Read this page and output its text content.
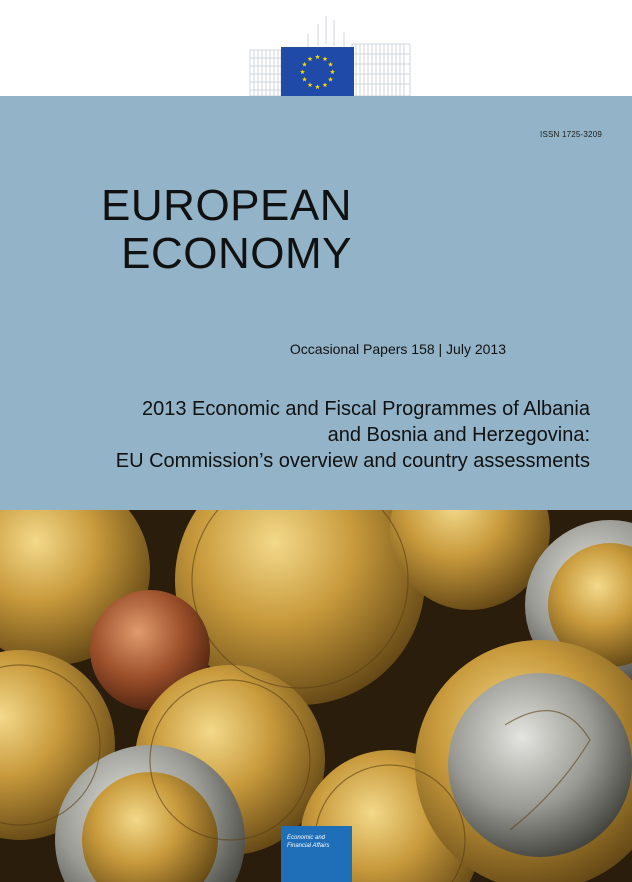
ISSN 1725-3209
EUROPEAN
ECONOMY
Occasional Papers 158 | July 2013
2013 Economic and Fiscal Programmes of Albania
and Bosnia and Herzegovina:
EU Commission’s overview and country assessments
Economic and
Financial Affairs
